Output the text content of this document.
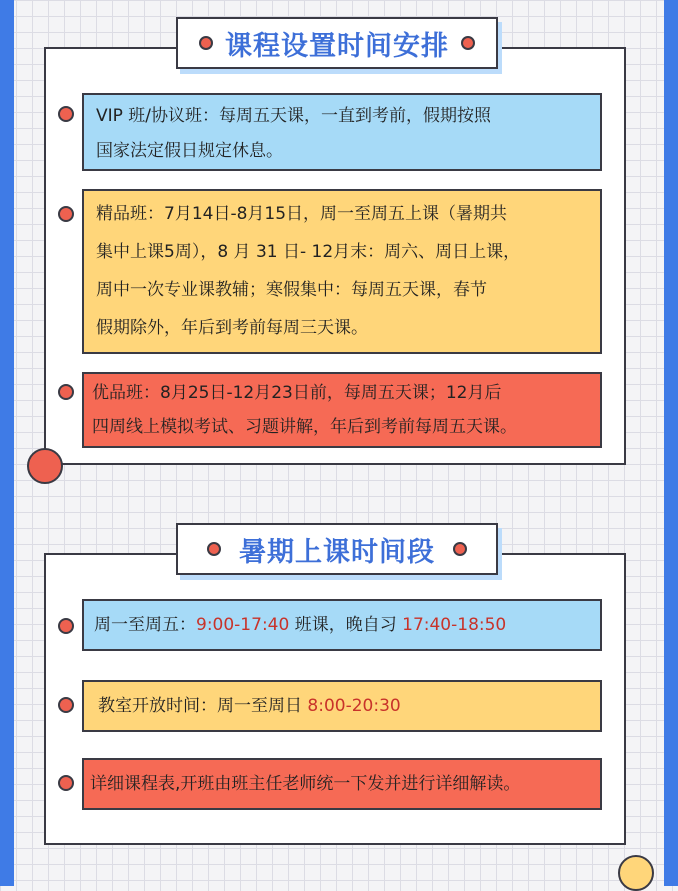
课程设置时间安排
VIP 班/协议班：每周五天课，一直到考前，假期按照
国家法定假日规定休息。
精品班：7月14日-8月15日，周一至周五上课（暑期共
集中上课5周），8 月 31 日- 12月末：周六、周日上课，
周中一次专业课教辅；寒假集中：每周五天课，春节
假期除外，年后到考前每周三天课。
优品班：8月25日-12月23日前，每周五天课；12月后
四周线上模拟考试、习题讲解，年后到考前每周五天课。
暑期上课时间段
周一至周五：9:00-17:40 班课，晚自习 17:40-18:50
教室开放时间：周一至周日 8:00-20:30
详细课程表,开班由班主任老师统一下发并进行详细解读。
